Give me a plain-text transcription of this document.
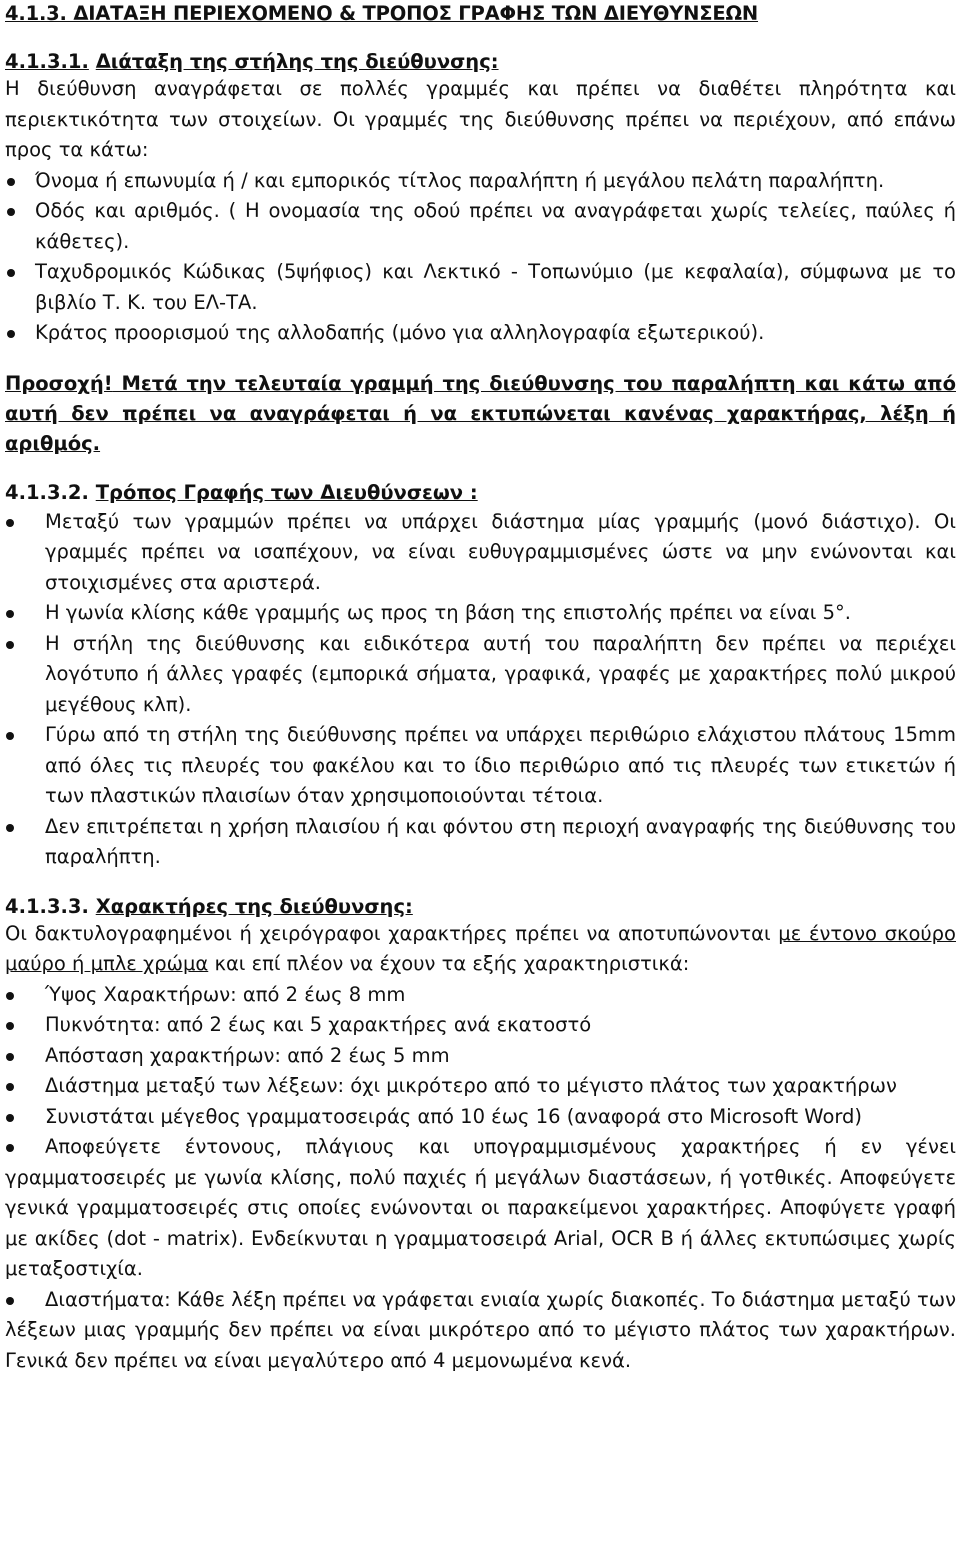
4.1.3. ΔΙΑΤΑΞΗ ΠΕΡΙΕΧΟΜΕΝΟ & ΤΡΟΠΟΣ ΓΡΑΦΗΣ ΤΩΝ ΔΙΕΥΘΥΝΣΕΩΝ
4.1.3.1. Διάταξη της στήλης της διεύθυνσης:

Η διεύθυνση αναγράφεται σε πολλές γραμμές και πρέπει να διαθέτει πληρότητα και περιεκτικότητα των στοιχείων. Οι γραμμές της διεύθυνσης πρέπει να περιέχουν, από επάνω προς τα κάτω:

Όνομα ή επωνυμία ή / και εμπορικός τίτλος παραλήπτη ή μεγάλου πελάτη παραλήπτη.
Οδός και αριθμός. ( Η ονομασία της οδού πρέπει να αναγράφεται χωρίς τελείες, παύλες ή κάθετες).
Ταχυδρομικός Κώδικας (5ψήφιος) και Λεκτικό - Τοπωνύμιο (με κεφαλαία), σύμφωνα με το βιβλίο Τ. Κ. του ΕΛ-ΤΑ.
Κράτος προορισμού της αλλοδαπής (μόνο για αλληλογραφία εξωτερικού).
Προσοχή! Μετά την τελευταία γραμμή της διεύθυνσης του παραλήπτη και κάτω από αυτή δεν πρέπει να αναγράφεται ή να εκτυπώνεται κανένας χαρακτήρας, λέξη ή αριθμός.
4.1.3.2. Τρόπος Γραφής των Διευθύνσεων :
Μεταξύ των γραμμών πρέπει να υπάρχει διάστημα μίας γραμμής (μονό διάστιχο). Οι γραμμές πρέπει να ισαπέχουν, να είναι ευθυγραμμισμένες ώστε να μην ενώνονται και στοιχισμένες στα αριστερά.
Η γωνία κλίσης κάθε γραμμής ως προς τη βάση της επιστολής πρέπει να είναι 5°.
Η στήλη της διεύθυνσης και ειδικότερα αυτή του παραλήπτη δεν πρέπει να περιέχει λογότυπο ή άλλες γραφές (εμπορικά σήματα, γραφικά, γραφές με χαρακτήρες πολύ μικρού μεγέθους κλπ).
Γύρω από τη στήλη της διεύθυνσης πρέπει να υπάρχει περιθώριο ελάχιστου πλάτους 15mm από όλες τις πλευρές του φακέλου και το ίδιο περιθώριο από τις πλευρές των ετικετών ή των πλαστικών πλαισίων όταν χρησιμοποιούνται τέτοια.
Δεν επιτρέπεται η χρήση πλαισίου ή και φόντου στη περιοχή αναγραφής της διεύθυνσης του παραλήπτη.
4.1.3.3. Χαρακτήρες της διεύθυνσης:

Οι δακτυλογραφημένοι ή χειρόγραφοι χαρακτήρες πρέπει να αποτυπώνονται με έντονο σκούρο μαύρο ή μπλε χρώμα και επί πλέον να έχουν τα εξής χαρακτηριστικά:

Ύψος Χαρακτήρων: από 2 έως 8 mm
Πυκνότητα: από 2 έως και 5 χαρακτήρες ανά εκατοστό
Απόσταση χαρακτήρων: από 2 έως 5 mm
Διάστημα μεταξύ των λέξεων: όχι μικρότερο από το μέγιστο πλάτος των χαρακτήρων
Συνιστάται μέγεθος γραμματοσειράς από 10 έως 16 (αναφορά στο Microsoft Word)
Αποφεύγετε έντονους, πλάγιους και υπογραμμισμένους χαρακτήρες ή εν γένει γραμματοσειρές με γωνία κλίσης, πολύ παχιές ή μεγάλων διαστάσεων, ή γοτθικές. Αποφεύγετε γενικά γραμματοσειρές στις οποίες ενώνονται οι παρακείμενοι χαρακτήρες. Αποφύγετε γραφή με ακίδες (dot - matrix). Ενδείκνυται η γραμματοσειρά Arial, OCR B ή άλλες εκτυπώσιμες χωρίς μεταξοστιχία.
Διαστήματα: Κάθε λέξη πρέπει να γράφεται ενιαία χωρίς διακοπές. Το διάστημα μεταξύ των λέξεων μιας γραμμής δεν πρέπει να είναι μικρότερο από το μέγιστο πλάτος των χαρακτήρων. Γενικά δεν πρέπει να είναι μεγαλύτερο από 4 μεμονωμένα κενά.
